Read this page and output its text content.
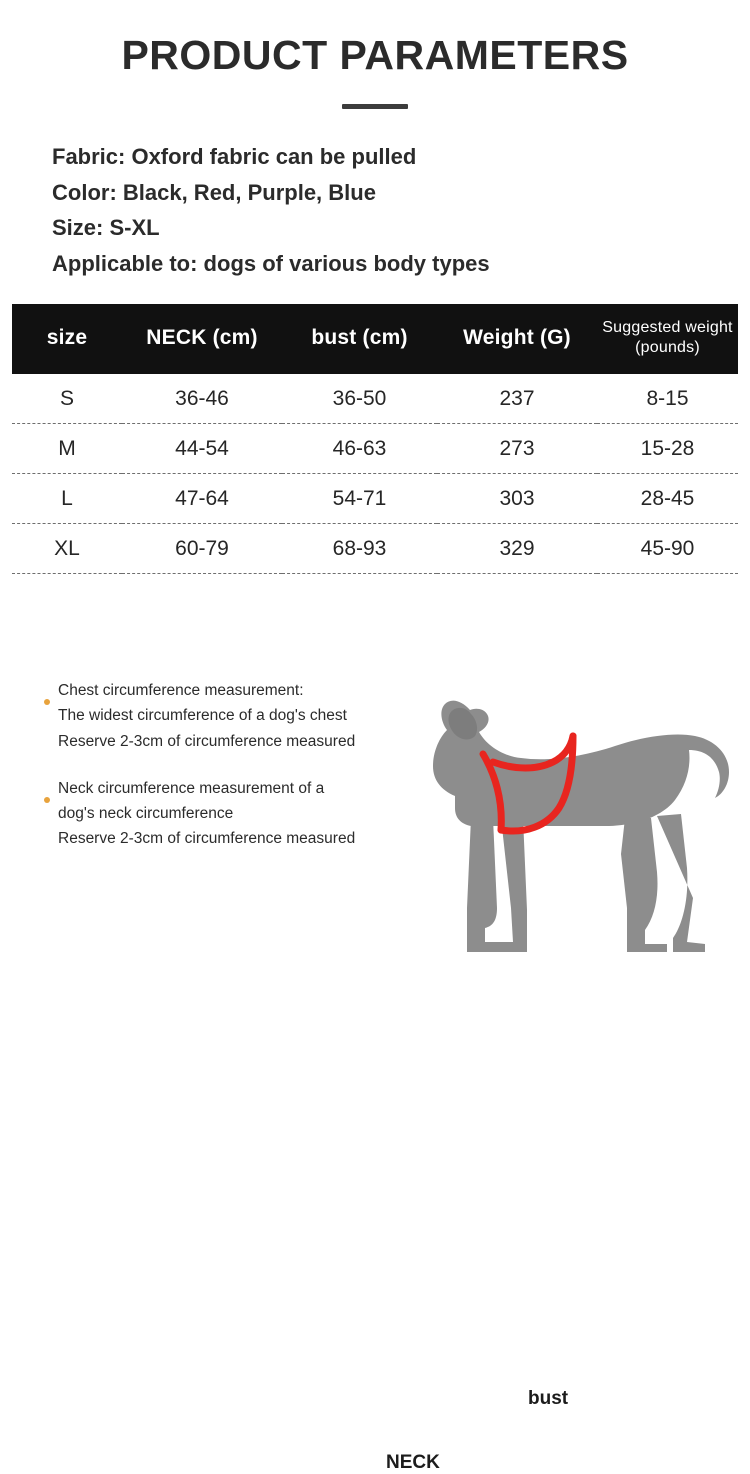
PRODUCT PARAMETERS
Fabric: Oxford fabric can be pulled
Color: Black, Red, Purple, Blue
Size: S-XL
Applicable to: dogs of various body types
size	NECK (cm)	bust (cm)	Weight (G)	Suggested weight (pounds)
S	36-46	36-50	237	8-15
M	44-54	46-63	273	15-28
L	47-64	54-71	303	28-45
XL	60-79	68-93	329	45-90
Chest circumference measurement:
The widest circumference of a dog's chest
Reserve 2-3cm of circumference measured
Neck circumference measurement of a
dog's neck circumference
Reserve 2-3cm of circumference measured
NECK
bust
